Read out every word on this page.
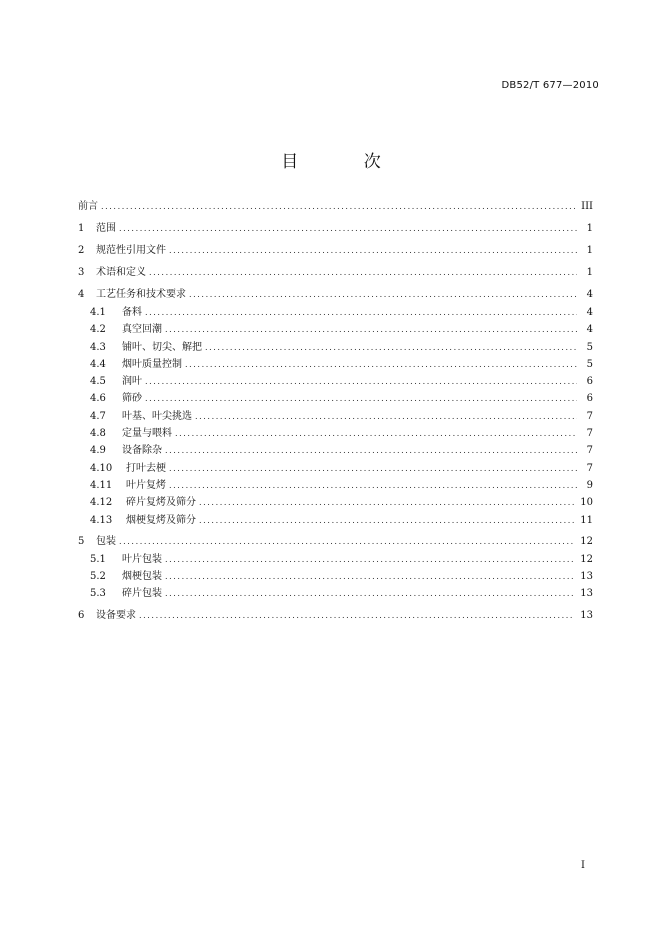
DB52/T 677—2010
目 次
前言 .....	III
1	范围 .....	1
2	规范性引用文件 .....	1
3	术语和定义 .....	1
4	工艺任务和技术要求 .....	4
4.1	备料 .....	4
4.2	真空回潮 .....	4
4.3	铺叶、切尖、解把 .....	5
4.4	烟叶质量控制 .....	5
4.5	润叶 .....	6
4.6	筛砂 .....	6
4.7	叶基、叶尖挑选 .....	7
4.8	定量与喂料 .....	7
4.9	设备除杂 .....	7
4.10	打叶去梗 .....	7
4.11	叶片复烤 .....	9
4.12	碎片复烤及筛分 .....	10
4.13	烟梗复烤及筛分 .....	11
5	包装 .....	12
5.1	叶片包装 .....	12
5.2	烟梗包装 .....	13
5.3	碎片包装 .....	13
6	设备要求 .....	13
I
